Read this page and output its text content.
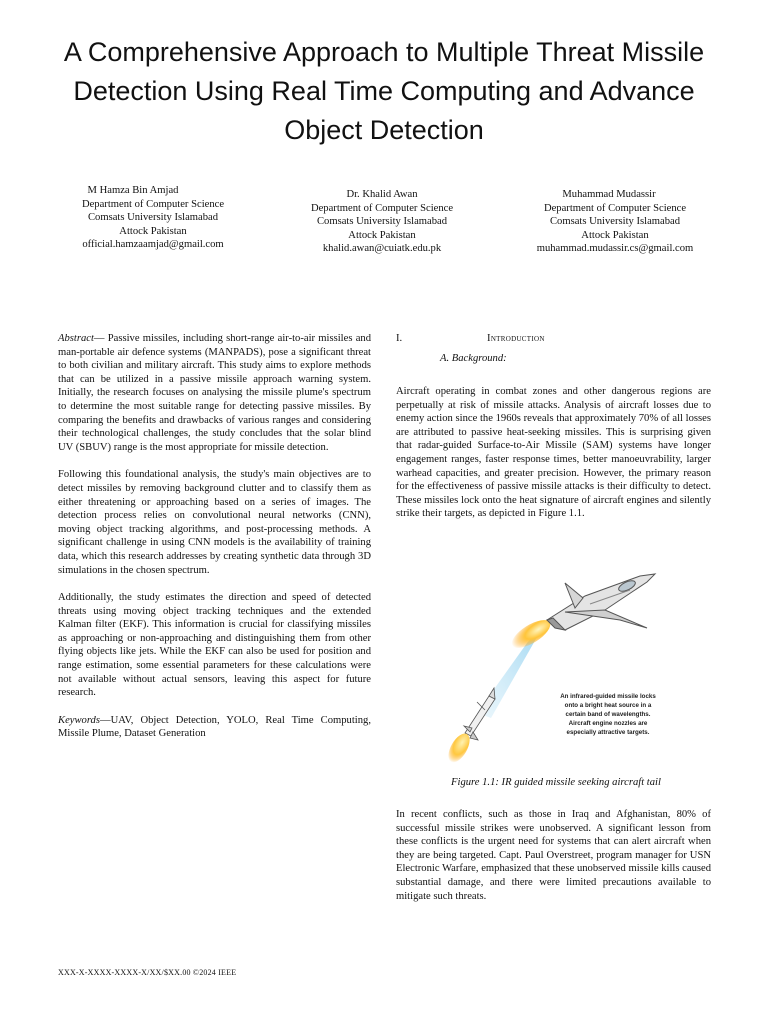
A Comprehensive Approach to Multiple Threat Missile Detection Using Real Time Computing and Advance Object Detection
M Hamza Bin Amjad
Department of Computer Science
Comsats University Islamabad
Attock Pakistan
official.hamzaamjad@gmail.com
Dr. Khalid Awan
Department of Computer Science
Comsats University Islamabad
Attock Pakistan
khalid.awan@cuiatk.edu.pk
Muhammad Mudassir
Department of Computer Science
Comsats University Islamabad
Attock Pakistan
muhammad.mudassir.cs@gmail.com

Abstract— Passive missiles, including short-range air-to-air missiles and man-portable air defence systems (MANPADS), pose a significant threat to both civilian and military aircraft. This study aims to explore methods that can be utilized in a passive missile approach warning system. Initially, the research focuses on analysing the missile plume's spectrum to determine the most suitable range for detecting passive missiles. By comparing the benefits and drawbacks of various ranges and considering their technological challenges, the study concludes that the solar blind UV (SBUV) range is the most appropriate for missile detection.

Following this foundational analysis, the study's main objectives are to detect missiles by removing background clutter and to classify them as either threatening or approaching based on a series of images. The detection process relies on convolutional neural networks (CNN), moving object tracking algorithms, and post-processing methods. A significant challenge in using CNN models is the availability of training data, which this research addresses by creating synthetic data through 3D simulations in the chosen spectrum.

Additionally, the study estimates the direction and speed of detected threats using moving object tracking techniques and the extended Kalman filter (EKF). This information is crucial for classifying missiles as approaching or non-approaching and distinguishing them from other flying objects like jets. While the EKF can also be used for position and range estimation, some essential parameters for these calculations were not available without actual sensors, leaving this aspect for future research.

Keywords—UAV, Object Detection, YOLO, Real Time Computing, Missile Plume, Dataset Generation

I.	Introduction
A. Background:

Aircraft operating in combat zones and other dangerous regions are perpetually at risk of missile attacks. Analysis of aircraft losses due to enemy action since the 1960s reveals that approximately 70% of all losses are attributed to passive heat-seeking missiles. This is surprising given that radar-guided Surface-to-Air Missile (SAM) systems have longer engagement ranges, faster response times, better manoeuvrability, larger warhead capacities, and greater precision. However, the primary reason for the effectiveness of passive missile attacks is their difficulty to detect. These missiles lock onto the heat signature of aircraft engines and silently strike their targets, as depicted in Figure 1.1.

An infrared-guided missile locks
onto a bright heat source in a
certain band of wavelengths.
Aircraft engine nozzles are
especially attractive targets.
Figure 1.1: IR guided missile seeking aircraft tail

In recent conflicts, such as those in Iraq and Afghanistan, 80% of successful missile strikes were unobserved. A significant lesson from these conflicts is the urgent need for systems that can alert aircraft when they are being targeted. Capt. Paul Overstreet, program manager for USN Electronic Warfare, emphasized that these unobserved missile kills caused substantial damage, and there were limited precautions available to mitigate such threats.

XXX-X-XXXX-XXXX-X/XX/$XX.00 ©2024 IEEE
